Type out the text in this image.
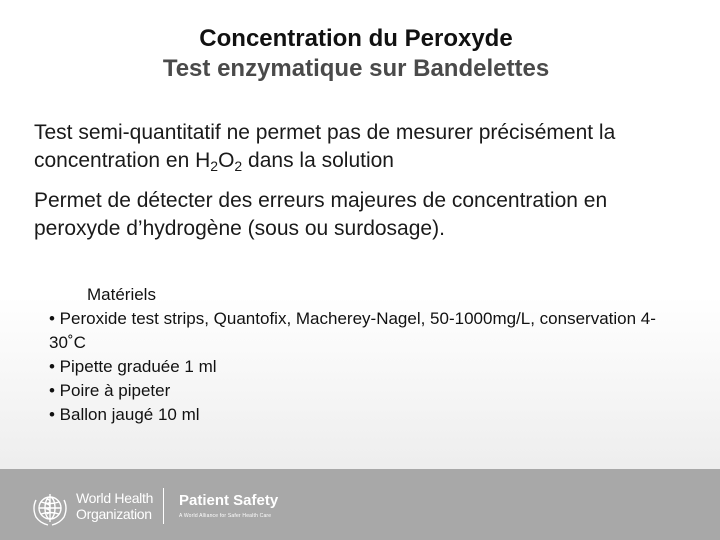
Concentration du Peroxyde
Test enzymatique sur Bandelettes
Test semi-quantitatif ne permet pas de mesurer précisément la concentration en $H_2O_2$ dans la solution
Permet de détecter des erreurs majeures de concentration en peroxyde d’hydrogène (sous ou surdosage).
Matériels
• Peroxide test strips, Quantofix, Macherey-Nagel, 50-1000mg/L, conservation 4-30˚C
• Pipette graduée 1 ml
• Poire à pipeter
• Ballon jaugé 10 ml
World Health
Organization
Patient Safety
A World Alliance for Safer Health Care
